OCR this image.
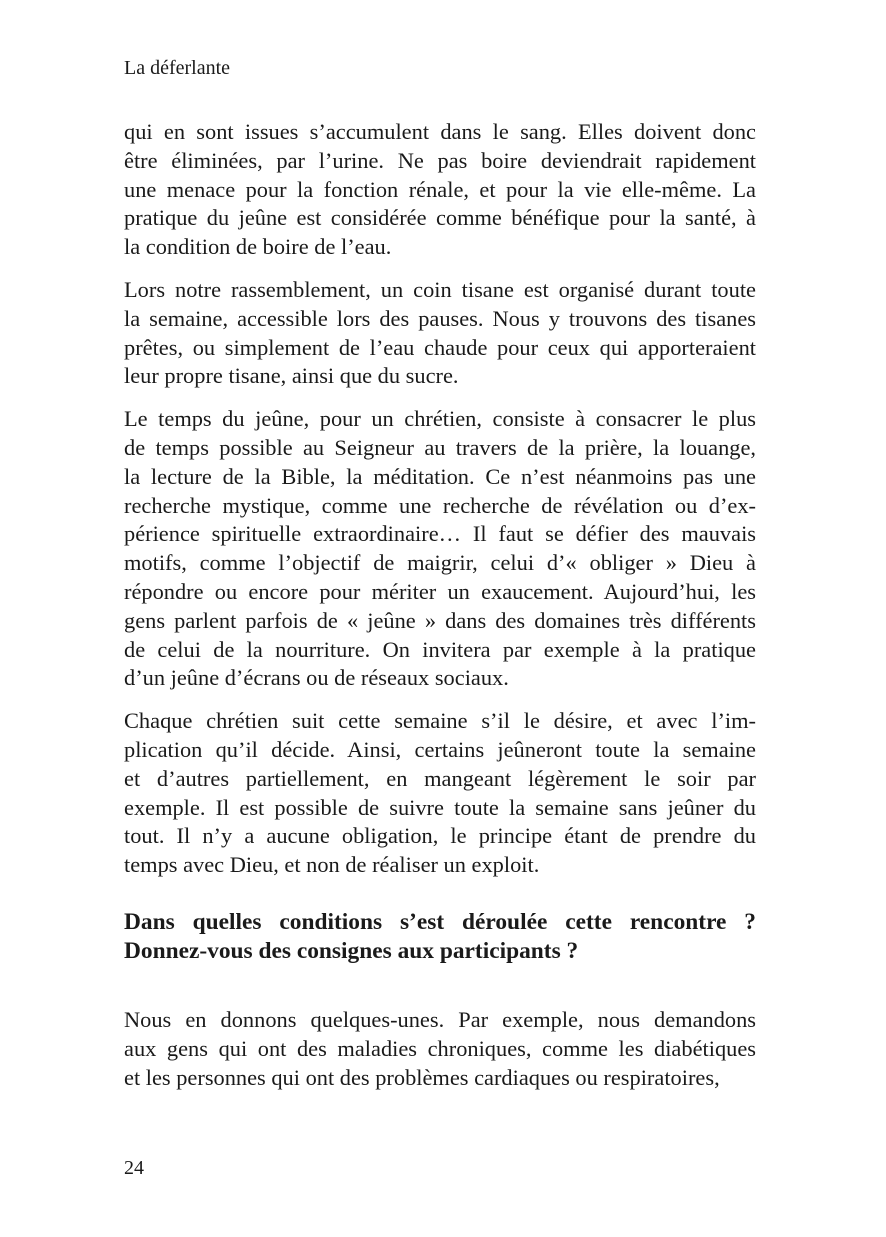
La déferlante

qui en sont issues s’accumulent dans le sang. Elles doivent donc
être éliminées, par l’urine. Ne pas boire deviendrait rapidement
une menace pour la fonction rénale, et pour la vie elle-même. La
pratique du jeûne est considérée comme bénéfique pour la santé, à
la condition de boire de l’eau.

Lors notre rassemblement, un coin tisane est organisé durant toute
la semaine, accessible lors des pauses. Nous y trouvons des tisanes
prêtes, ou simplement de l’eau chaude pour ceux qui apporteraient
leur propre tisane, ainsi que du sucre.

Le temps du jeûne, pour un chrétien, consiste à consacrer le plus
de temps possible au Seigneur au travers de la prière, la louange,
la lecture de la Bible, la méditation. Ce n’est néanmoins pas une
recherche mystique, comme une recherche de révélation ou d’ex-
périence spirituelle extraordinaire… Il faut se défier des mauvais
motifs, comme l’objectif de maigrir, celui d’« obliger » Dieu à
répondre ou encore pour mériter un exaucement. Aujourd’hui, les
gens parlent parfois de « jeûne » dans des domaines très différents
de celui de la nourriture. On invitera par exemple à la pratique
d’un jeûne d’écrans ou de réseaux sociaux.

Chaque chrétien suit cette semaine s’il le désire, et avec l’im-
plication qu’il décide. Ainsi, certains jeûneront toute la semaine
et d’autres partiellement, en mangeant légèrement le soir par
exemple. Il est possible de suivre toute la semaine sans jeûner du
tout. Il n’y a aucune obligation, le principe étant de prendre du
temps avec Dieu, et non de réaliser un exploit.

Dans quelles conditions s’est déroulée cette rencontre ?
Donnez-vous des consignes aux participants ?

Nous en donnons quelques-unes. Par exemple, nous demandons
aux gens qui ont des maladies chroniques, comme les diabétiques
et les personnes qui ont des problèmes cardiaques ou respiratoires,

24
